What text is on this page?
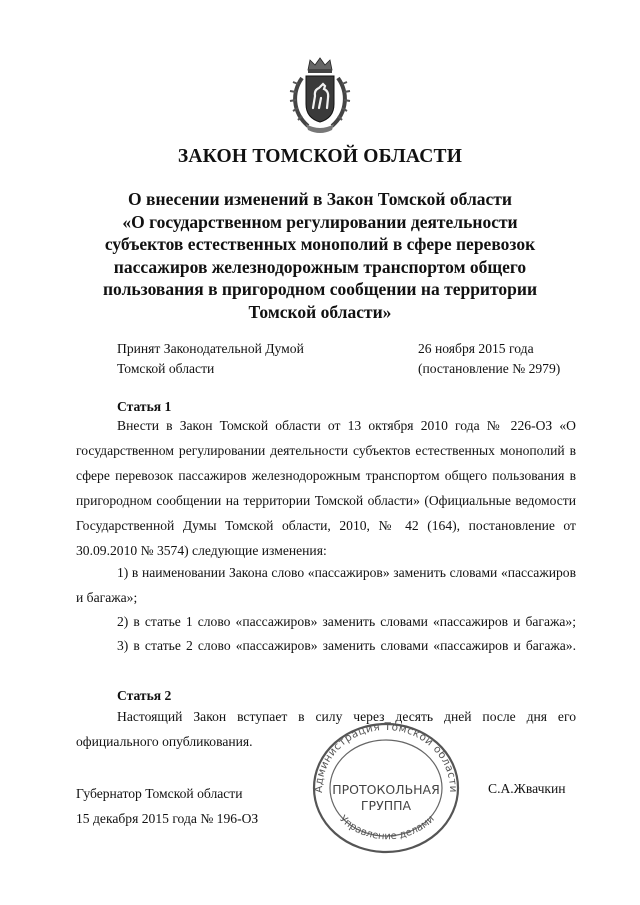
ЗАКОН ТОМСКОЙ ОБЛАСТИ
О внесении изменений в Закон Томской области
«О государственном регулировании деятельности
субъектов естественных монополий в сфере перевозок
пассажиров железнодорожным транспортом общего
пользования в пригородном сообщении на территории
Томской области»
Принят Законодательной Думой
Томской области
26 ноября 2015 года
(постановление № 2979)
Статья 1

Внести в Закон Томской области от 13 октября 2010 года № 226-ОЗ «О государственном регулировании деятельности субъектов естественных монополий в сфере перевозок пассажиров железнодорожным транспортом общего пользования в пригородном сообщении на территории Томской области» (Официальные ведомости Государственной Думы Томской области, 2010, № 42 (164), постановление от 30.09.2010 № 3574) следующие изменения:

1) в наименовании Закона слово «пассажиров» заменить словами «пассажиров и багажа»;

2) в статье 1 слово «пассажиров» заменить словами «пассажиров и багажа»;

3) в статье 2 слово «пассажиров» заменить словами «пассажиров и багажа».

Статья 2

Настоящий Закон вступает в силу через десять дней после дня его официального опубликования.

Губернатор Томской области
15 декабря 2015 года № 196-ОЗ
С.А.Жвачкин
Администрация Томской области
Управление делами
ПРОТОКОЛЬНАЯ
ГРУППА
